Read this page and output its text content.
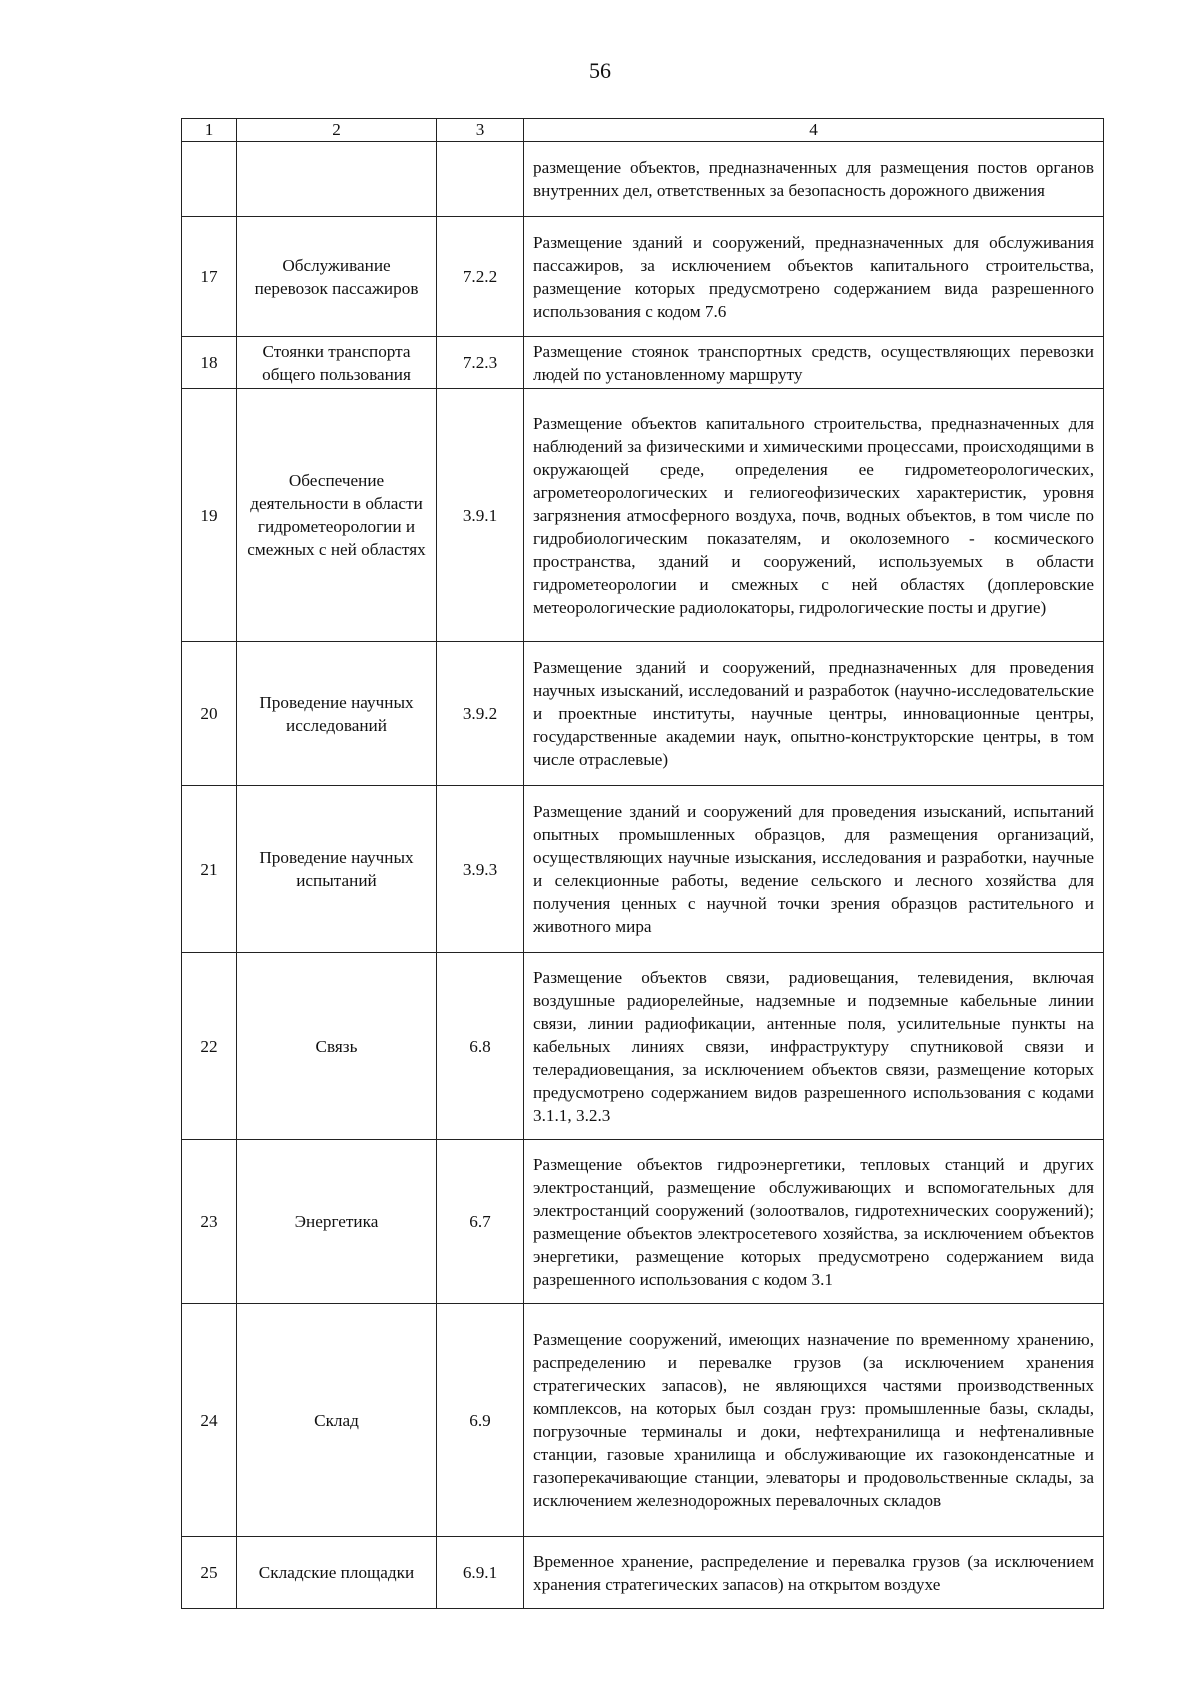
56
1	2	3	4
			размещение объектов, предназначенных для размещения постов органов внутренних дел, ответственных за безопасность дорожного движения
17	Обслуживание перевозок пассажиров	7.2.2	Размещение зданий и сооружений, предназначенных для обслуживания пассажиров, за исключением объектов капитального строительства, размещение которых предусмотрено содержанием вида разрешенного использования с кодом 7.6
18	Стоянки транспорта общего пользования	7.2.3	Размещение стоянок транспортных средств, осуществляющих перевозки людей по установленному маршруту
19	Обеспечение деятельности в области гидрометеорологии и смежных с ней областях	3.9.1	Размещение объектов капитального строительства, предназначенных для наблюдений за физическими и химическими процессами, происходящими в окружающей среде, определения ее гидрометеорологических, агрометеорологических и гелиогеофизических характеристик, уровня загрязнения атмосферного воздуха, почв, водных объектов, в том числе по гидробиологическим показателям, и околоземного - космического пространства, зданий и сооружений, используемых в области гидрометеорологии и смежных с ней областях (доплеровские метеорологические радиолокаторы, гидрологические посты и другие)
20	Проведение научных исследований	3.9.2	Размещение зданий и сооружений, предназначенных для проведения научных изысканий, исследований и разработок (научно-исследовательские и проектные институты, научные центры, инновационные центры, государственные академии наук, опытно-конструкторские центры, в том числе отраслевые)
21	Проведение научных испытаний	3.9.3	Размещение зданий и сооружений для проведения изысканий, испытаний опытных промышленных образцов, для размещения организаций, осуществляющих научные изыскания, исследования и разработки, научные и селекционные работы, ведение сельского и лесного хозяйства для получения ценных с научной точки зрения образцов растительного и животного мира
22	Связь	6.8	Размещение объектов связи, радиовещания, телевидения, включая воздушные радиорелейные, надземные и подземные кабельные линии связи, линии радиофикации, антенные поля, усилительные пункты на кабельных линиях связи, инфраструктуру спутниковой связи и телерадиовещания, за исключением объектов связи, размещение которых предусмотрено содержанием видов разрешенного использования с кодами 3.1.1, 3.2.3
23	Энергетика	6.7	Размещение объектов гидроэнергетики, тепловых станций и других электростанций, размещение обслуживающих и вспомогательных для электростанций сооружений (золоотвалов, гидротехнических сооружений); размещение объектов электросетевого хозяйства, за исключением объектов энергетики, размещение которых предусмотрено содержанием вида разрешенного использования с кодом 3.1
24	Склад	6.9	Размещение сооружений, имеющих назначение по временному хранению, распределению и перевалке грузов (за исключением хранения стратегических запасов), не являющихся частями производственных комплексов, на которых был создан груз: промышленные базы, склады, погрузочные терминалы и доки, нефтехранилища и нефтеналивные станции, газовые хранилища и обслуживающие их газоконденсатные и газоперекачивающие станции, элеваторы и продовольственные склады, за исключением железнодорожных перевалочных складов
25	Складские площадки	6.9.1	Временное хранение, распределение и перевалка грузов (за исключением хранения стратегических запасов) на открытом воздухе
